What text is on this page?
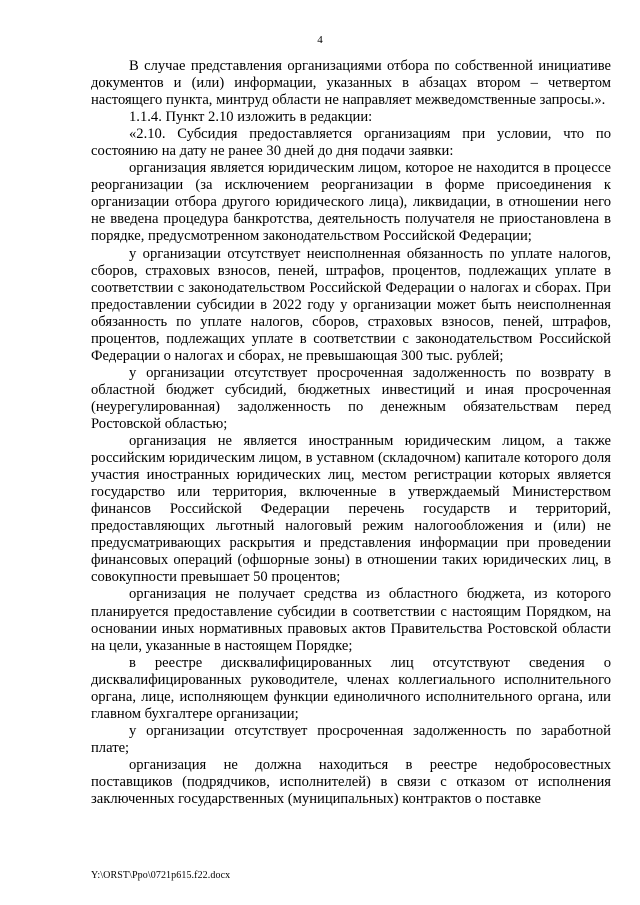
4

В случае представления организациями отбора по собственной инициативе документов и (или) информации, указанных в абзацах втором – четвертом настоящего пункта, минтруд области не направляет межведомственные запросы.».

1.1.4. Пункт 2.10 изложить в редакции:

«2.10. Субсидия предоставляется организациям при условии, что по состоянию на дату не ранее 30 дней до дня подачи заявки:

организация является юридическим лицом, которое не находится в процессе реорганизации (за исключением реорганизации в форме присоединения к организации отбора другого юридического лица), ликвидации, в отношении него не введена процедура банкротства, деятельность получателя не приостановлена в порядке, предусмотренном законодательством Российской Федерации;

у организации отсутствует неисполненная обязанность по уплате налогов, сборов, страховых взносов, пеней, штрафов, процентов, подлежащих уплате в соответствии с законодательством Российской Федерации о налогах и сборах. При предоставлении субсидии в 2022 году у организации может быть неисполненная обязанность по уплате налогов, сборов, страховых взносов, пеней, штрафов, процентов, подлежащих уплате в соответствии с законодательством Российской Федерации о налогах и сборах, не превышающая 300 тыс. рублей;

у организации отсутствует просроченная задолженность по возврату в областной бюджет субсидий, бюджетных инвестиций и иная просроченная (неурегулированная) задолженность по денежным обязательствам перед Ростовской областью;

организация не является иностранным юридическим лицом, а также российским юридическим лицом, в уставном (складочном) капитале которого доля участия иностранных юридических лиц, местом регистрации которых является государство или территория, включенные в утверждаемый Министерством финансов Российской Федерации перечень государств и территорий, предоставляющих льготный налоговый режим налогообложения и (или) не предусматривающих раскрытия и представления информации при проведении финансовых операций (офшорные зоны) в отношении таких юридических лиц, в совокупности превышает 50 процентов;

организация не получает средства из областного бюджета, из которого планируется предоставление субсидии в соответствии с настоящим Порядком, на основании иных нормативных правовых актов Правительства Ростовской области на цели, указанные в настоящем Порядке;

в реестре дисквалифицированных лиц отсутствуют сведения о дисквалифицированных руководителе, членах коллегиального исполнительного органа, лице, исполняющем функции единоличного исполнительного органа, или главном бухгалтере организации;

у организации отсутствует просроченная задолженность по заработной плате;

организация не должна находиться в реестре недобросовестных поставщиков (подрядчиков, исполнителей) в связи с отказом от исполнения заключенных государственных (муниципальных) контрактов о поставке

Y:\ORST\Ppo\0721p615.f22.docx
